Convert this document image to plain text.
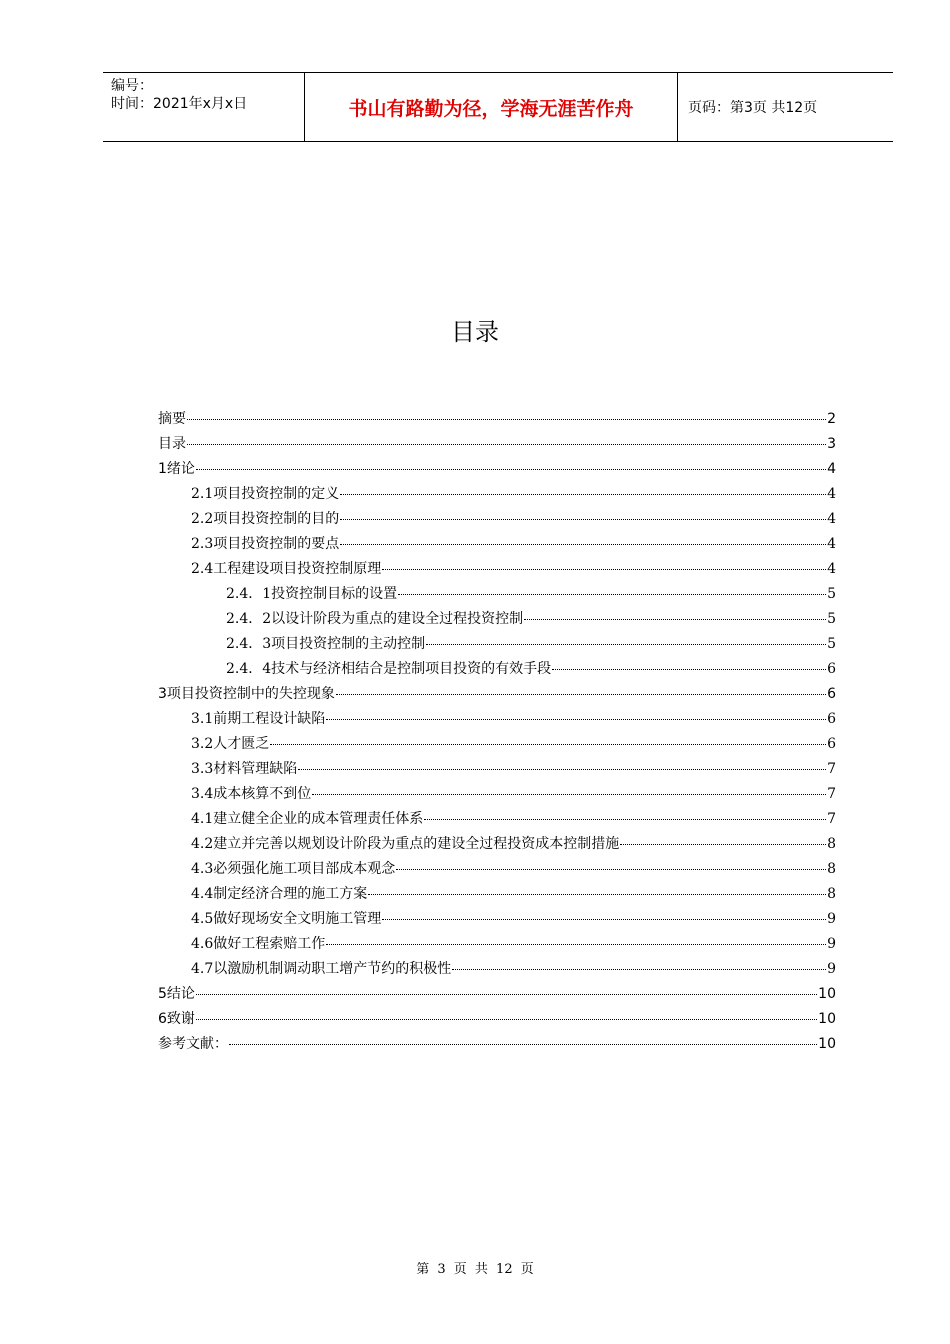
编号：
时间：2021年x月x日	书山有路勤为径，学海无涯苦作舟	页码：第3页 共12页
目录
摘要	2
目录	3
1绪论	4
2.1项目投资控制的定义	4
2.2项目投资控制的目的	4
2.3项目投资控制的要点	4
2.4工程建设项目投资控制原理	4
2.4．1投资控制目标的设置	5
2.4．2以设计阶段为重点的建设全过程投资控制	5
2.4．3项目投资控制的主动控制	5
2.4．4技术与经济相结合是控制项目投资的有效手段	6
3项目投资控制中的失控现象	6
3.1前期工程设计缺陷	6
3.2人才匮乏	6
3.3材料管理缺陷	7
3.4成本核算不到位	7
4.1建立健全企业的成本管理责任体系	7
4.2建立并完善以规划设计阶段为重点的建设全过程投资成本控制措施	8
4.3必须强化施工项目部成本观念	8
4.4制定经济合理的施工方案	8
4.5做好现场安全文明施工管理	9
4.6做好工程索赔工作	9
4.7以激励机制调动职工增产节约的积极性	9
5结论	10
6致谢	10
参考文献：	10
第 3 页 共 12 页
